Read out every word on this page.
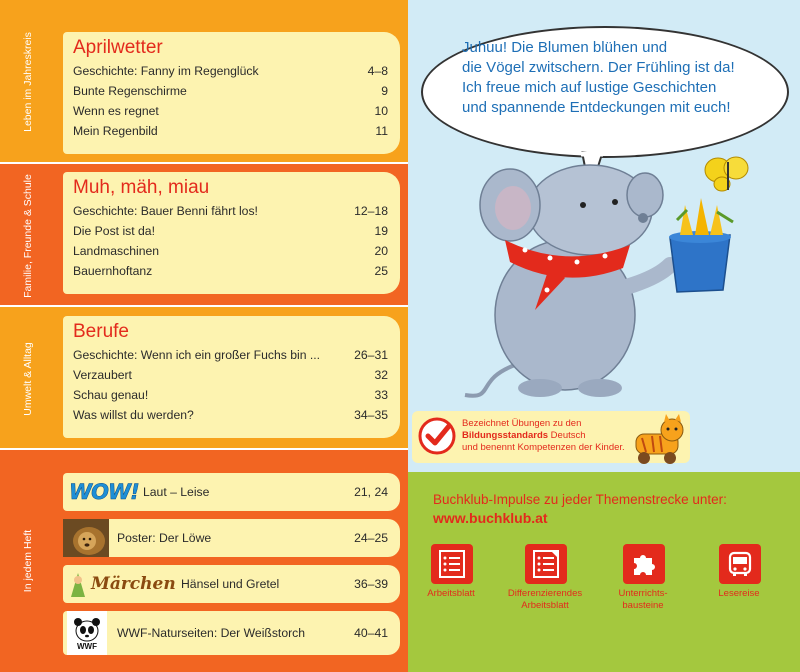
Leben im Jahreskreis
Familie, Freunde & Schule
Umwelt & Alltag
In jedem Heft
Aprilwetter
Geschichte: Fanny im Regenglück	4–8
Bunte Regenschirme	9
Wenn es regnet	10
Mein Regenbild	11
Muh, mäh, miau
Geschichte: Bauer Benni fährt los!	12–18
Die Post ist da!	19
Landmaschinen	20
Bauernhoftanz	25
Berufe
Geschichte: Wenn ich ein großer Fuchs bin ...	26–31
Verzaubert	32
Schau genau!	33
Was willst du werden?	34–35
WOW! Laut – Leise	21, 24
Poster: Der Löwe	24–25
Märchen Hänsel und Gretel	36–39
WWF
WWF-Naturseiten: Der Weißstorch	40–41
Juhuu! Die Blumen blühen und
die Vögel zwitschern. Der Frühling ist da!
Ich freue mich auf lustige Geschichten
und spannende Entdeckungen mit euch!
Bezeichnet Übungen zu den
Bildungsstandards Deutsch
und benennt Kompetenzen der Kinder.
Buchklub-Impulse zu jeder Themenstrecke unter:
www.buchklub.at
Arbeitsblatt	Differenzierendes
Arbeitsblatt
Unterrichts-
bausteine
Lesereise
